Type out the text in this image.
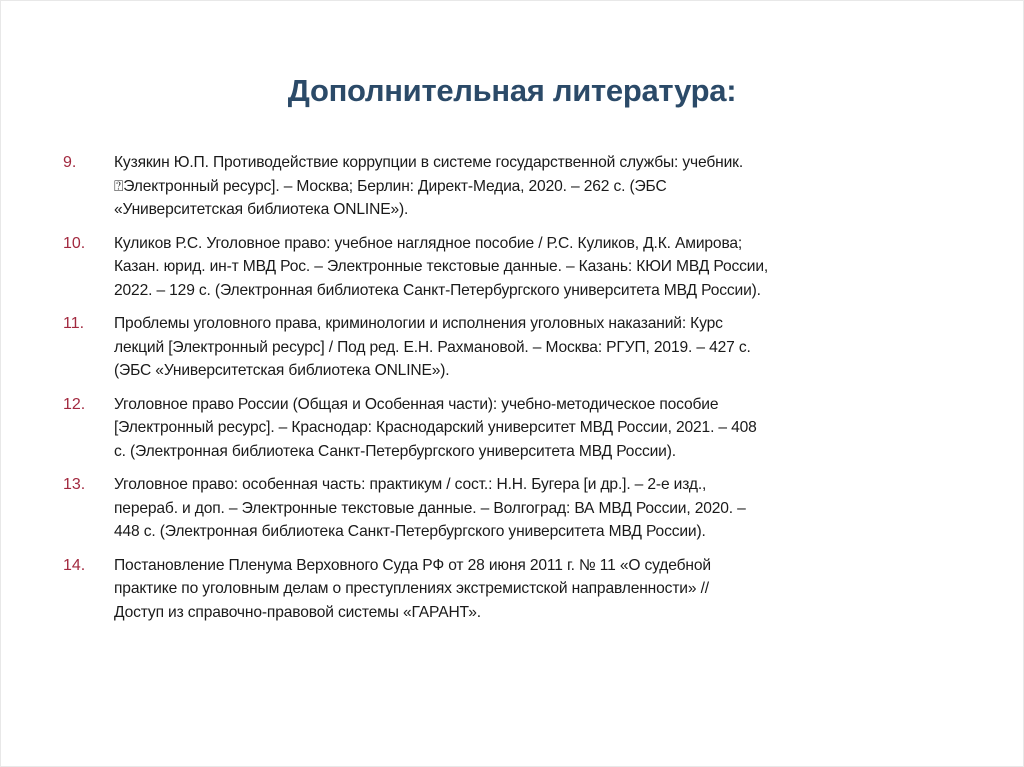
Дополнительная литература:
9. Кузякин Ю.П. Противодействие коррупции в системе государственной службы: учебник.
⍰Электронный ресурс]. – Москва; Берлин: Директ-Медиа, 2020. – 262 с. (ЭБС
«Университетская библиотека ONLINE»).
10. Куликов Р.С. Уголовное право: учебное наглядное пособие / Р.С. Куликов, Д.К. Амирова;
Казан. юрид. ин-т МВД Рос. – Электронные текстовые данные. – Казань: КЮИ МВД России,
2022. – 129 с. (Электронная библиотека Санкт-Петербургского университета МВД России).
11. Проблемы уголовного права, криминологии и исполнения уголовных наказаний: Курс
лекций [Электронный ресурс] / Под ред. Е.Н. Рахмановой. – Москва: РГУП, 2019. – 427 с.
(ЭБС «Университетская библиотека ONLINE»).
12. Уголовное право России (Общая и Особенная части): учебно-методическое пособие
[Электронный ресурс]. – Краснодар: Краснодарский университет МВД России, 2021. – 408
с. (Электронная библиотека Санкт-Петербургского университета МВД России).
13. Уголовное право: особенная часть: практикум / сост.: Н.Н. Бугера [и др.]. – 2-е изд.,
перераб. и доп. – Электронные текстовые данные. – Волгоград: ВА МВД России, 2020. –
448 с. (Электронная библиотека Санкт-Петербургского университета МВД России).
14. Постановление Пленума Верховного Суда РФ от 28 июня 2011 г. № 11 «О судебной
практике по уголовным делам о преступлениях экстремистской направленности» //
Доступ из справочно-правовой системы «ГАРАНТ».
